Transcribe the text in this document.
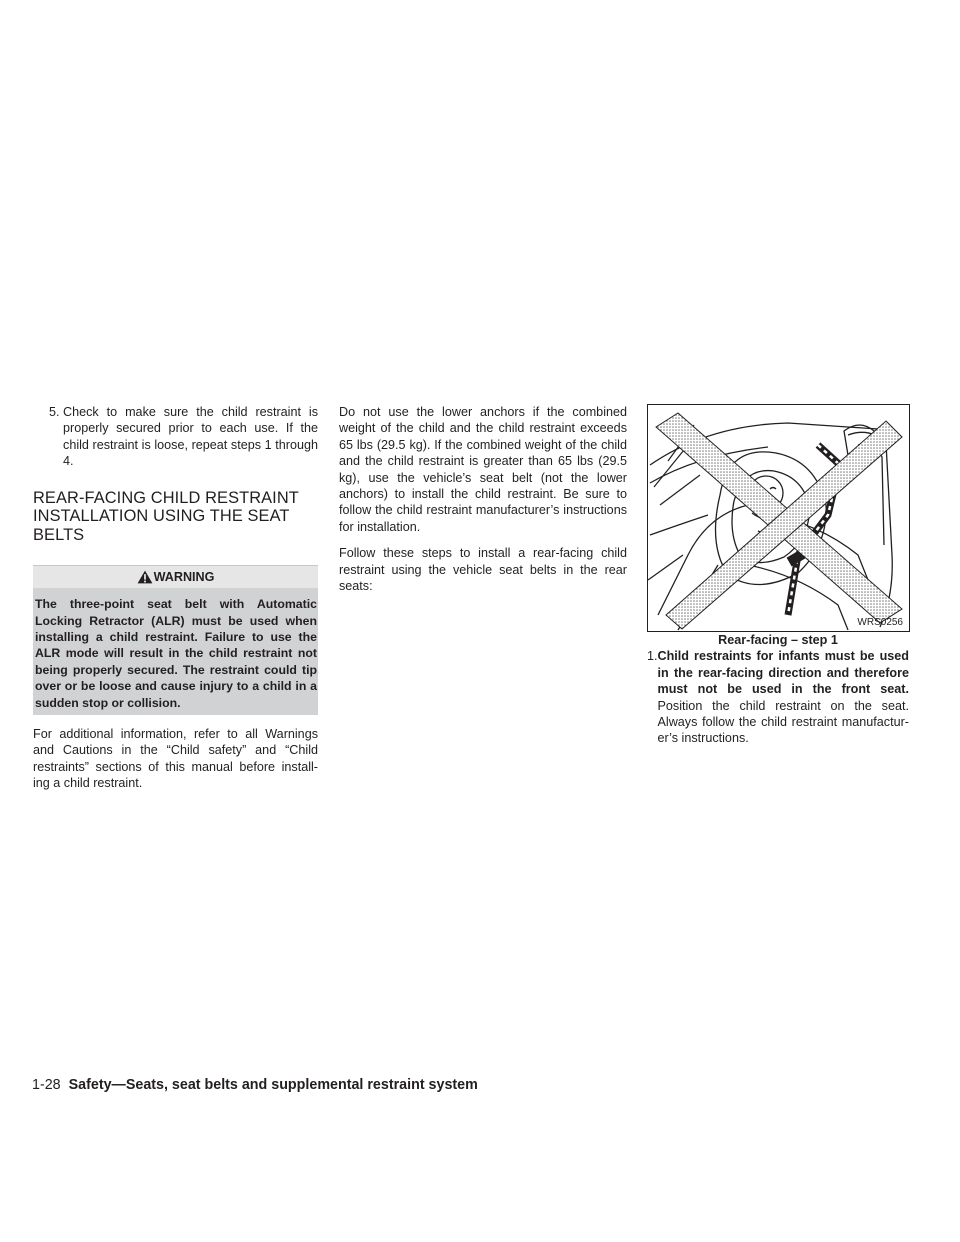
5. Check to make sure the child restraint is properly secured prior to each use. If the child restraint is loose, repeat steps 1 through 4.
REAR-FACING CHILD RESTRAINT INSTALLATION USING THE SEAT BELTS
WARNING
The three-point seat belt with Automatic Locking Retractor (ALR) must be used when installing a child restraint. Failure to use the ALR mode will result in the child restraint not being properly secured. The restraint could tip over or be loose and cause injury to a child in a sudden stop or collision.

For additional information, refer to all Warnings and Cautions in the “Child safety” and “Child restraints” sections of this manual before install- ing a child restraint.

Do not use the lower anchors if the combined weight of the child and the child restraint exceeds 65 lbs (29.5 kg). If the combined weight of the child and the child restraint is greater than 65 lbs (29.5 kg), use the vehicle’s seat belt (not the lower anchors) to install the child restraint. Be sure to follow the child restraint manufacturer’s instructions for installation.

Follow these steps to install a rear-facing child restraint using the vehicle seat belts in the rear seats:

WRS0256
Rear-facing – step 1
1. Child restraints for infants must be used in the rear-facing direction and therefore must not be used in the front seat. Position the child restraint on the seat. Always follow the child restraint manufactur- er’s instructions.
1-28 Safety—Seats, seat belts and supplemental restraint system
